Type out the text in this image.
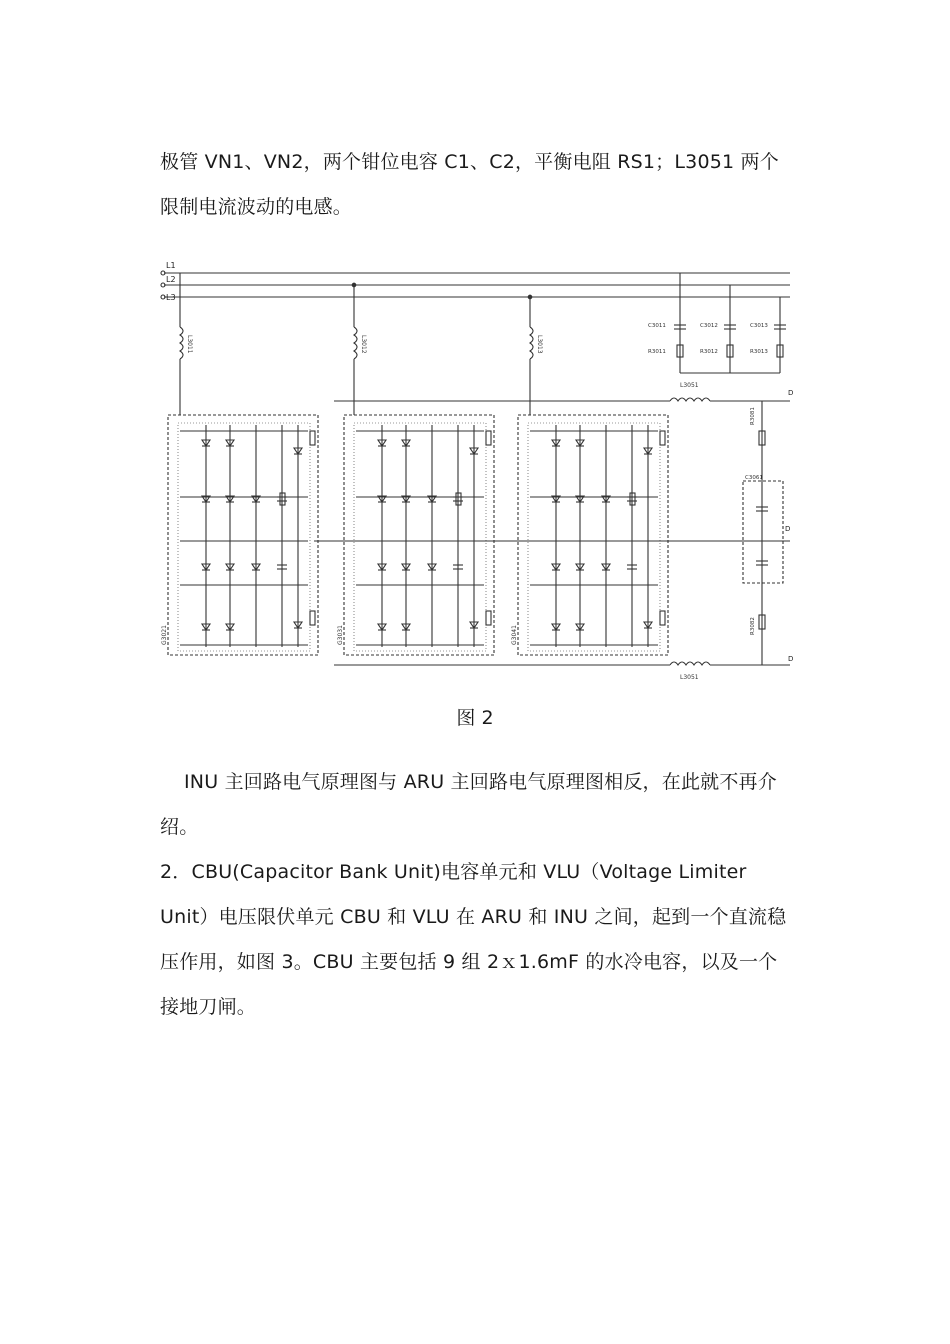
极管 VN1、VN2，两个钳位电容 C1、C2，平衡电阻 RS1；L3051 两个
限制电流波动的电感。
L1
L2
L3
L3011	L3012	L3013
C3011	C3012	C3013
R3011	R3012	R3013
L3051
D
L3051
D
D
R3081
R3082
C3061
G3021	G3031	G3041
图 2
INU 主回路电气原理图与 ARU 主回路电气原理图相反，在此就不再介
绍。
2．CBU(Capacitor Bank Unit)电容单元和 VLU（Voltage Limiter
Unit）电压限伏单元 CBU 和 VLU 在 ARU 和 INU 之间，起到一个直流稳
压作用，如图 3。CBU 主要包括 9 组 2ｘ1.6mF 的水冷电容，以及一个
接地刀闸。
